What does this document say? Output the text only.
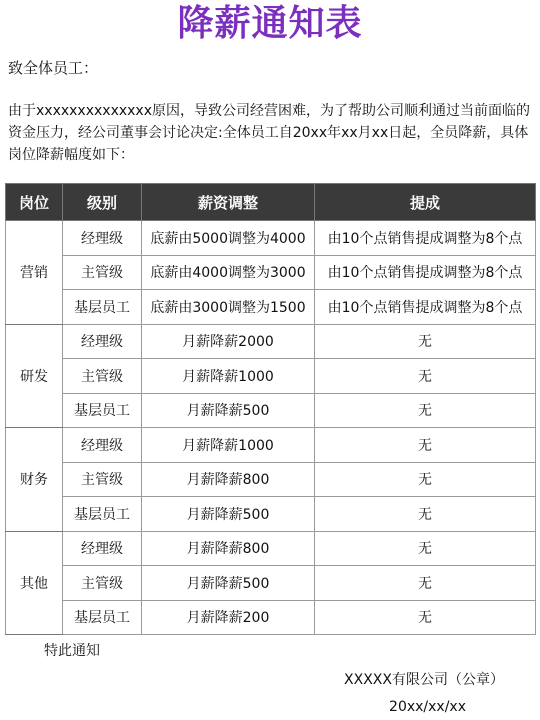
降薪通知表
致全体员工：
由于xxxxxxxxxxxxxx原因，导致公司经营困难，为了帮助公司顺利通过当前面临的资金压力，经公司董事会讨论决定:全体员工自20xx年xx月xx日起，全员降薪，具体岗位降薪幅度如下：
岗位	级别	薪资调整	提成
营销	经理级	底薪由5000调整为4000	由10个点销售提成调整为8个点
	主管级	底薪由4000调整为3000	由10个点销售提成调整为8个点
	基层员工	底薪由3000调整为1500	由10个点销售提成调整为8个点
研发	经理级	月薪降薪2000	无
	主管级	月薪降薪1000	无
	基层员工	月薪降薪500	无
财务	经理级	月薪降薪1000	无
	主管级	月薪降薪800	无
	基层员工	月薪降薪500	无
其他	经理级	月薪降薪800	无
	主管级	月薪降薪500	无
	基层员工	月薪降薪200	无
特此通知
XXXXX有限公司（公章）
20xx/xx/xx
